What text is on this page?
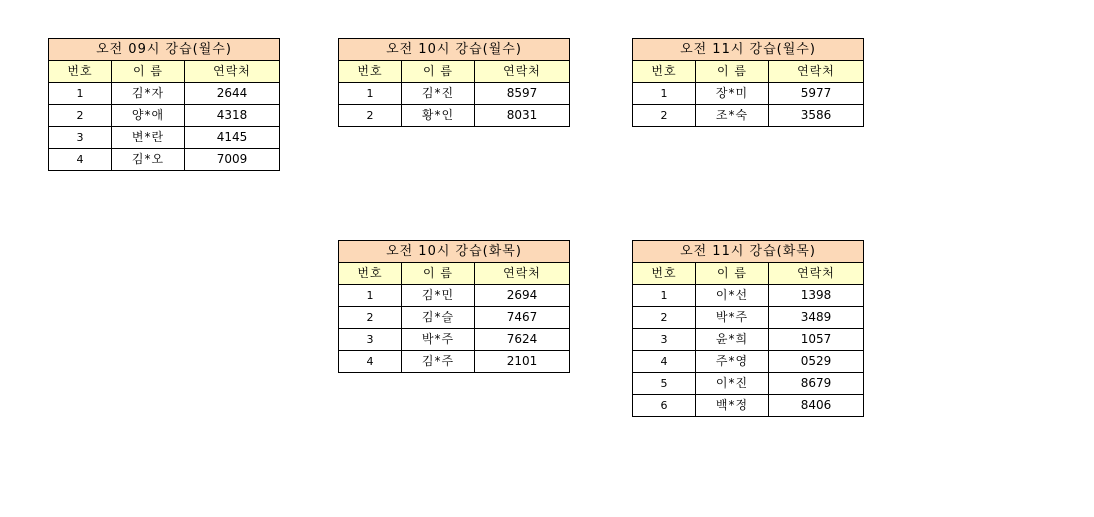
오전 09시 강습(월수)		
번호	이 름	연락처
1	김*자	2644
2	양*애	4318
3	변*란	4145
4	김*오	7009
오전 10시 강습(월수)		
번호	이 름	연락처
1	김*진	8597
2	황*인	8031
오전 11시 강습(월수)		
번호	이 름	연락처
1	장*미	5977
2	조*숙	3586
오전 10시 강습(화목)		
번호	이 름	연락처
1	김*민	2694
2	김*슬	7467
3	박*주	7624
4	김*주	2101
오전 11시 강습(화목)		
번호	이 름	연락처
1	이*선	1398
2	박*주	3489
3	윤*희	1057
4	주*영	0529
5	이*진	8679
6	백*정	8406
